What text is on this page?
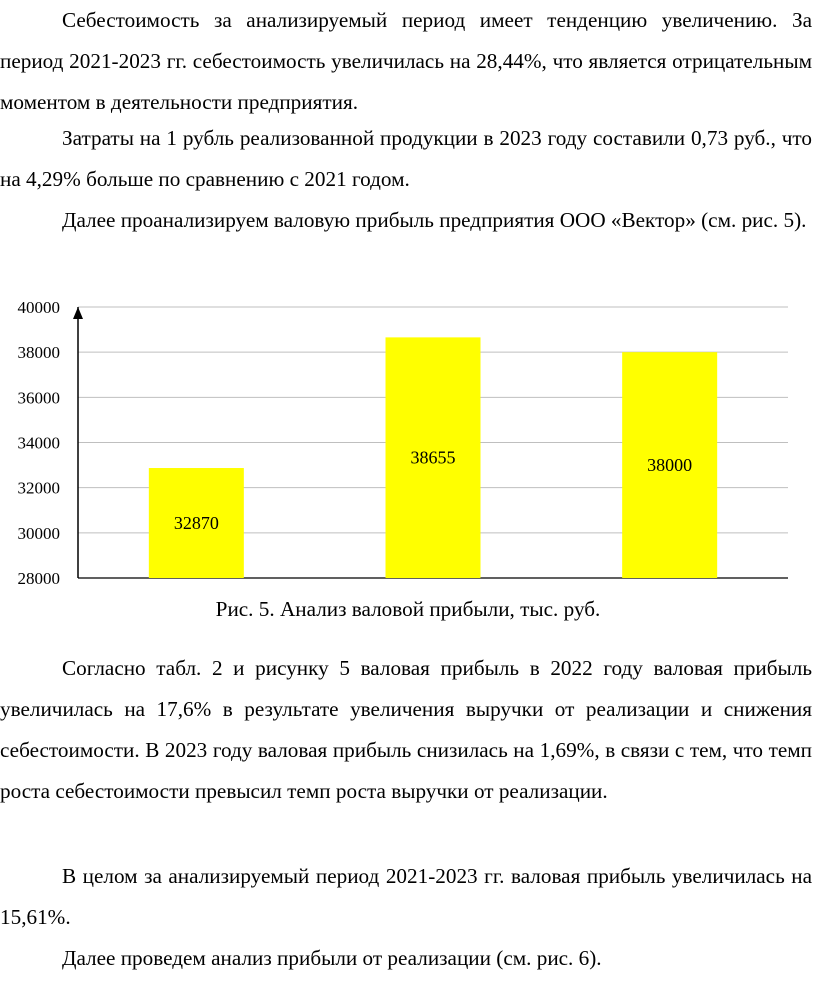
Себестоимость за анализируемый период имеет тенденцию увеличению. За период 2021-2023 гг. себестоимость увеличилась на 28,44%, что является отрицательным моментом в деятельности предприятия.

Затраты на 1 рубль реализованной продукции в 2023 году составили 0,73 руб., что на 4,29% больше по сравнению с 2021 годом.

Далее проанализируем валовую прибыль предприятия ООО «Вектор» (см. рис. 5).

32870
38655	38000
28000
30000
32000
34000
36000
38000
40000

Рис. 5. Анализ валовой прибыли, тыс. руб.

Согласно табл. 2 и рисунку 5 валовая прибыль в 2022 году валовая прибыль увеличилась на 17,6% в результате увеличения выручки от реализации и снижения себестоимости. В 2023 году валовая прибыль снизилась на 1,69%, в связи с тем, что темп роста себестоимости превысил темп роста выручки от реализации.

В целом за анализируемый период 2021-2023 гг. валовая прибыль увеличилась на 15,61%.

Далее проведем анализ прибыли от реализации (см. рис. 6).
